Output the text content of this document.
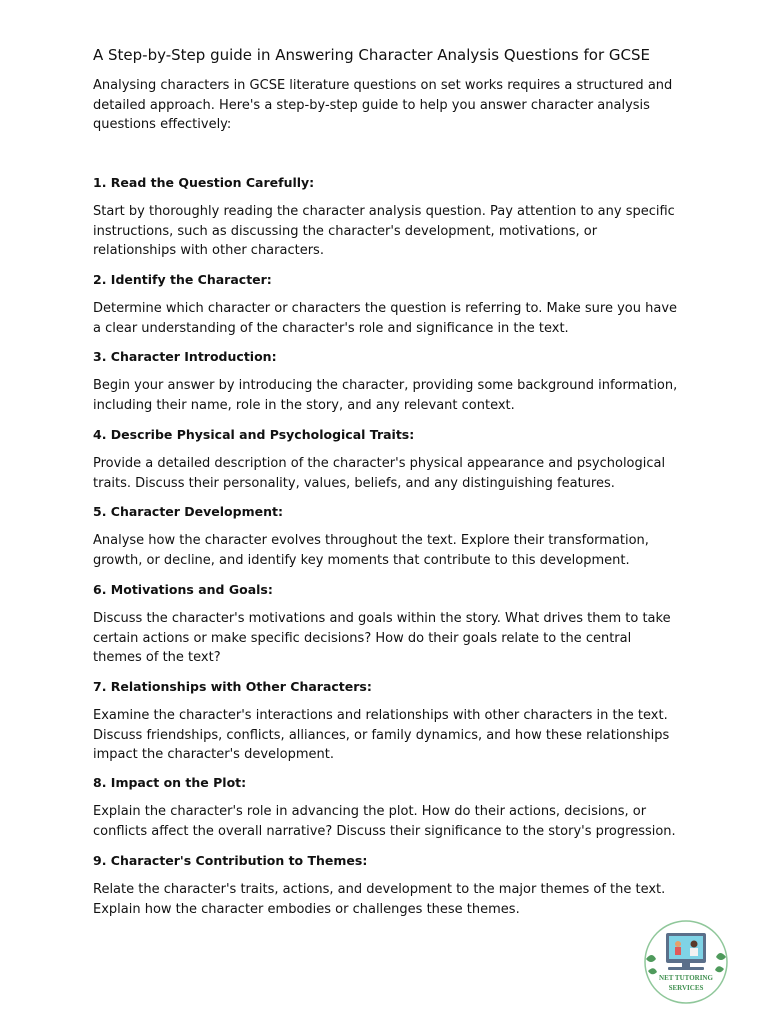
A Step-by-Step guide in Answering Character Analysis Questions for GCSE

Analysing characters in GCSE literature questions on set works requires a structured and detailed approach. Here's a step-by-step guide to help you answer character analysis questions effectively:

1. Read the Question Carefully:

Start by thoroughly reading the character analysis question. Pay attention to any specific instructions, such as discussing the character's development, motivations, or relationships with other characters.

2. Identify the Character:

Determine which character or characters the question is referring to. Make sure you have a clear understanding of the character's role and significance in the text.

3. Character Introduction:

Begin your answer by introducing the character, providing some background information, including their name, role in the story, and any relevant context.

4. Describe Physical and Psychological Traits:

Provide a detailed description of the character's physical appearance and psychological traits. Discuss their personality, values, beliefs, and any distinguishing features.

5. Character Development:

Analyse how the character evolves throughout the text. Explore their transformation, growth, or decline, and identify key moments that contribute to this development.

6. Motivations and Goals:

Discuss the character's motivations and goals within the story. What drives them to take certain actions or make specific decisions? How do their goals relate to the central themes of the text?

7. Relationships with Other Characters:

Examine the character's interactions and relationships with other characters in the text. Discuss friendships, conflicts, alliances, or family dynamics, and how these relationships impact the character's development.

8. Impact on the Plot:

Explain the character's role in advancing the plot. How do their actions, decisions, or conflicts affect the overall narrative? Discuss their significance to the story's progression.

9. Character's Contribution to Themes:

Relate the character's traits, actions, and development to the major themes of the text. Explain how the character embodies or challenges these themes.

NET TUTORING
SERVICES
